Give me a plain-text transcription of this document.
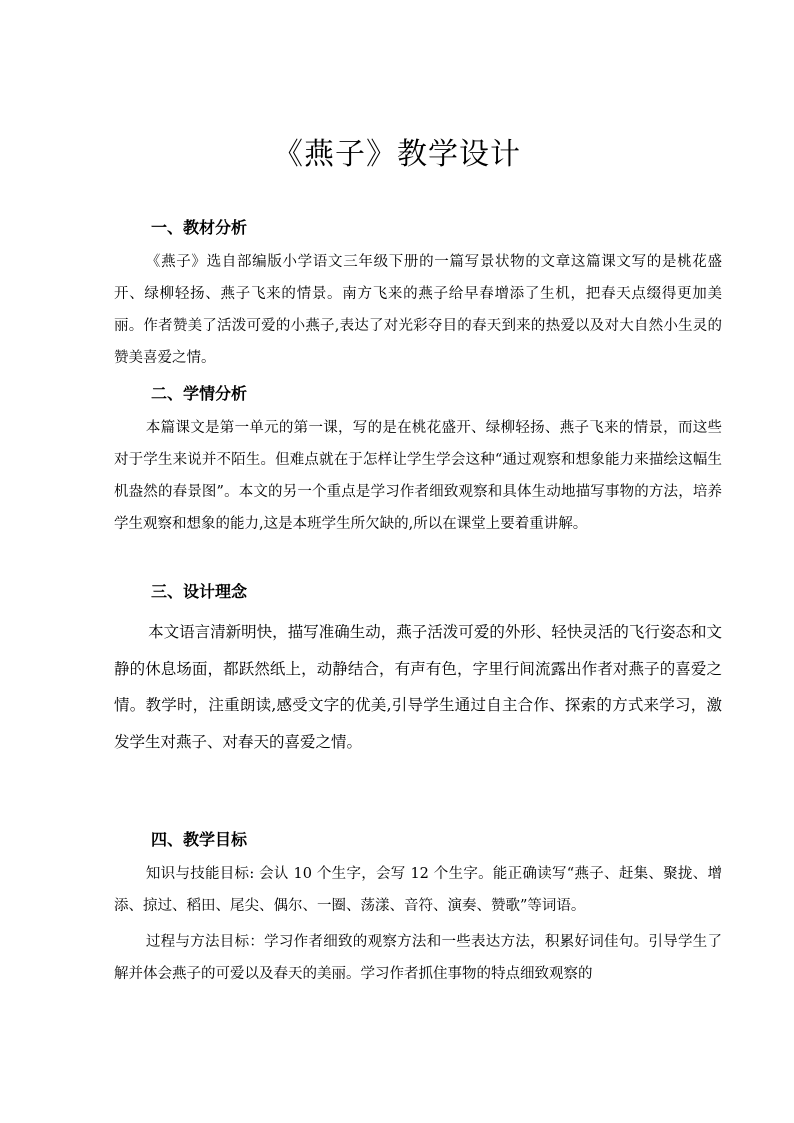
《燕子》教学设计
一、教材分析

《燕子》选自部编版小学语文三年级下册的一篇写景状物的文章这篇课文写的是桃花盛开、绿柳轻扬、燕子飞来的情景。南方飞来的燕子给早春增添了生机，把春天点缀得更加美丽。作者赞美了活泼可爱的小燕子,表达了对光彩夺目的春天到来的热爱以及对大自然小生灵的赞美喜爱之情。

二、学情分析

本篇课文是第一单元的第一课，写的是在桃花盛开、绿柳轻扬、燕子飞来的情景，而这些对于学生来说并不陌生。但难点就在于怎样让学生学会这种“通过观察和想象能力来描绘这幅生机盎然的春景图”。本文的另一个重点是学习作者细致观察和具体生动地描写事物的方法，培养学生观察和想象的能力,这是本班学生所欠缺的,所以在课堂上要着重讲解。

三、设计理念

本文语言清新明快，描写准确生动，燕子活泼可爱的外形、轻快灵活的飞行姿态和文静的休息场面，都跃然纸上，动静结合，有声有色，字里行间流露出作者对燕子的喜爱之情。教学时，注重朗读,感受文字的优美,引导学生通过自主合作、探索的方式来学习，激发学生对燕子、对春天的喜爱之情。

四、教学目标

知识与技能目标: 会认 10 个生字，会写 12 个生字。能正确读写“燕子、赶集、聚拢、增添、掠过、稻田、尾尖、偶尔、一圈、荡漾、音符、演奏、赞歌”等词语。

过程与方法目标：学习作者细致的观察方法和一些表达方法，积累好词佳句。引导学生了解并体会燕子的可爱以及春天的美丽。学习作者抓住事物的特点细致观察的
